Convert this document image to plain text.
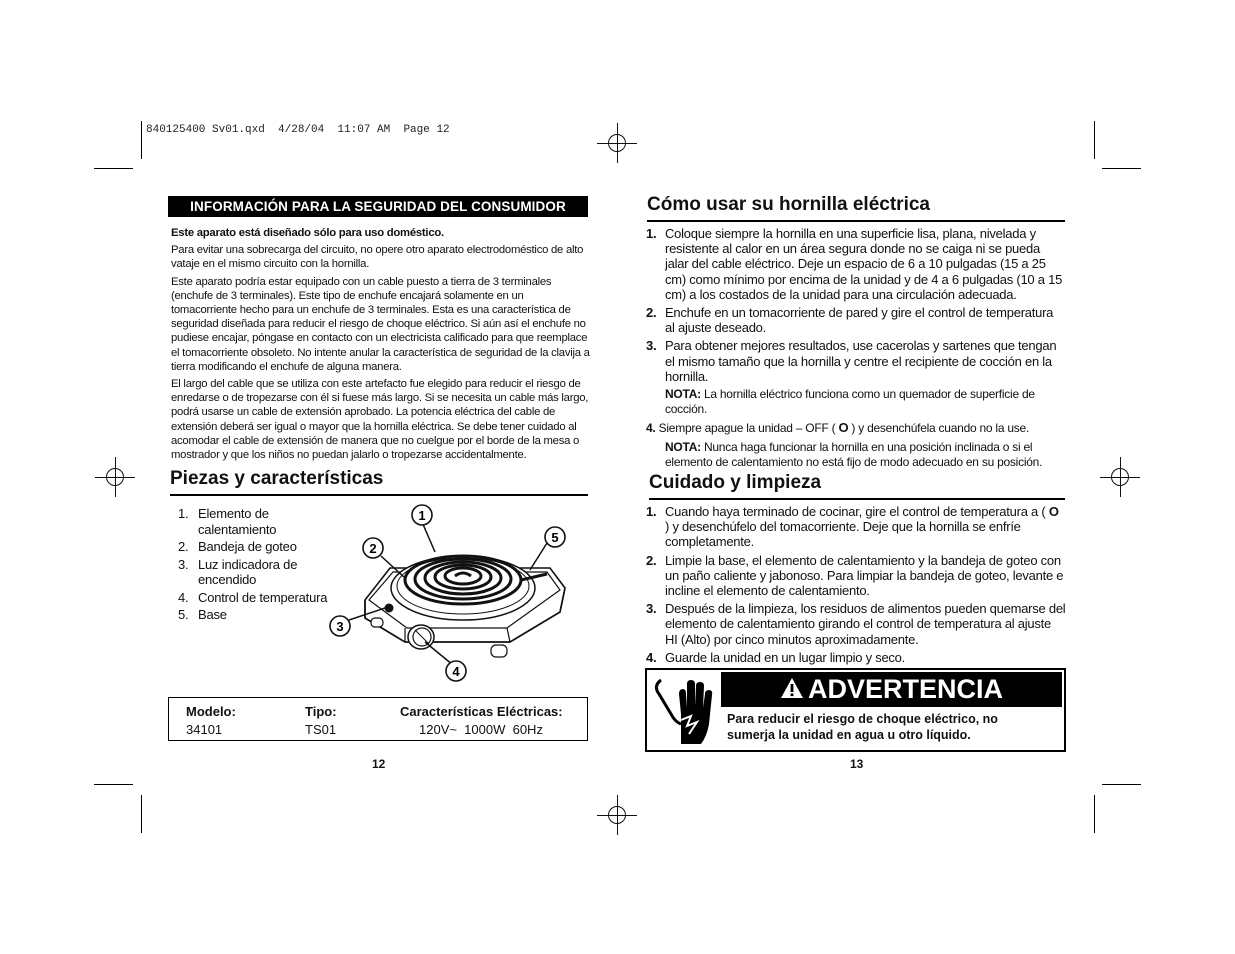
840125400 Sv01.qxd  4/28/04  11:07 AM  Page 12
INFORMACIÓN PARA LA SEGURIDAD DEL CONSUMIDOR

Este aparato está diseñado sólo para uso doméstico.

Para evitar una sobrecarga del circuito, no opere otro aparato electrodoméstico de alto vataje en el mismo circuito con la hornilla.

Este aparato podría estar equipado con un cable puesto a tierra de 3 terminales (enchufe de 3 terminales). Este tipo de enchufe encajará solamente en un tomacorriente hecho para un enchufe de 3 terminales. Esta es una característica de seguridad diseñada para reducir el riesgo de choque eléctrico. Si aún así el enchufe no pudiese encajar, póngase en contacto con un electricista calificado para que reemplace el tomacorriente obsoleto. No intente anular la característica de seguridad de la clavija a tierra modificando el enchufe de alguna manera.

El largo del cable que se utiliza con este artefacto fue elegido para reducir el riesgo de enredarse o de tropezarse con él si fuese más largo. Si se necesita un cable más largo, podrá usarse un cable de extensión aprobado. La potencia eléctrica del cable de extensión deberá ser igual o mayor que la hornilla eléctrica. Se debe tener cuidado al acomodar el cable de extensión de manera que no cuelgue por el borde de la mesa o mostrador y que los niños no puedan jalarlo o tropezarse accidentalmente.

Piezas y características
1. Elemento de calentamiento
2. Bandeja de goteo
3. Luz indicadora de encendido
4. Control de temperatura
5. Base
1
2
3
4
5
Modelo:	Tipo:	Características Eléctricas:
34101	TS01	120V~  1000W  60Hz
12
Cómo usar su hornilla eléctrica
1. Coloque siempre la hornilla en una superficie lisa, plana, nivelada y resistente al calor en un área segura donde no se caiga ni se pueda jalar del cable eléctrico. Deje un espacio de 6 a 10 pulgadas (15 a 25 cm) como mínimo por encima de la unidad y de 4 a 6 pulgadas (10 a 15 cm) a los costados de la unidad para una circulación adecuada.
2. Enchufe en un tomacorriente de pared y gire el control de temperatura al ajuste deseado.
3. Para obtener mejores resultados, use cacerolas y sartenes que tengan el mismo tamaño que la hornilla y centre el recipiente de cocción en la hornilla.
NOTA: La hornilla eléctrico funciona como un quemador de superficie de cocción.
4. Siempre apague la unidad – OFF ( O ) y desenchúfela cuando no la use.
NOTA: Nunca haga funcionar la hornilla en una posición inclinada o si el elemento de calentamiento no está fijo de modo adecuado en su posición.
Cuidado y limpieza
1. Cuando haya terminado de cocinar, gire el control de temperatura a ( O ) y desenchúfelo del tomacorriente. Deje que la hornilla se enfríe completamente.
2. Limpie la base, el elemento de calentamiento y la bandeja de goteo con un paño caliente y jabonoso. Para limpiar la bandeja de goteo, levante e incline el elemento de calentamiento.
3. Después de la limpieza, los residuos de alimentos pueden quemarse del elemento de calentamiento girando el control de temperatura al ajuste HI (Alto) por cinco minutos aproximadamente.
4. Guarde la unidad en un lugar limpio y seco.
ADVERTENCIA
Para reducir el riesgo de choque eléctrico, no sumerja la unidad en agua u otro líquido.
13
